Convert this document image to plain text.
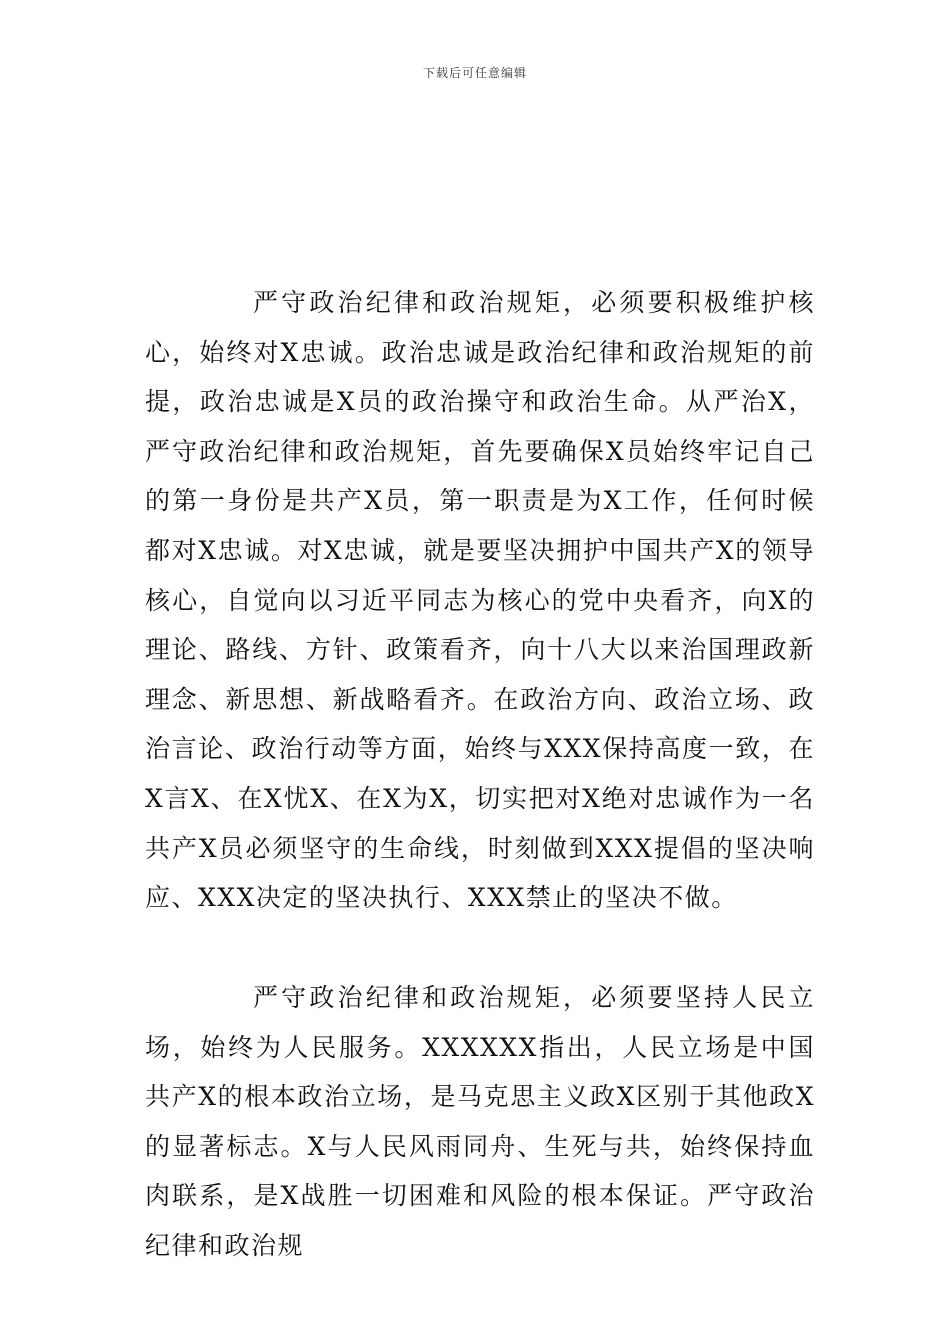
下载后可任意编辑

严守政治纪律和政治规矩，必须要积极维护核心，始终对X忠诚。政治忠诚是政治纪律和政治规矩的前提，政治忠诚是X员的政治操守和政治生命。从严治X，严守政治纪律和政治规矩，首先要确保X员始终牢记自己的第一身份是共产X员，第一职责是为X工作，任何时候都对X忠诚。对X忠诚，就是要坚决拥护中国共产X的领导核心，自觉向以习近平同志为核心的党中央看齐，向X的理论、路线、方针、政策看齐，向十八大以来治国理政新理念、新思想、新战略看齐。在政治方向、政治立场、政治言论、政治行动等方面，始终与XXX保持高度一致，在X言X、在X忧X、在X为X，切实把对X绝对忠诚作为一名共产X员必须坚守的生命线，时刻做到XXX提倡的坚决响应、XXX决定的坚决执行、XXX禁止的坚决不做。

严守政治纪律和政治规矩，必须要坚持人民立场，始终为人民服务。XXXXXX指出，人民立场是中国共产X的根本政治立场，是马克思主义政X区别于其他政X的显著标志。X与人民风雨同舟、生死与共，始终保持血肉联系，是X战胜一切困难和风险的根本保证。严守政治纪律和政治规
